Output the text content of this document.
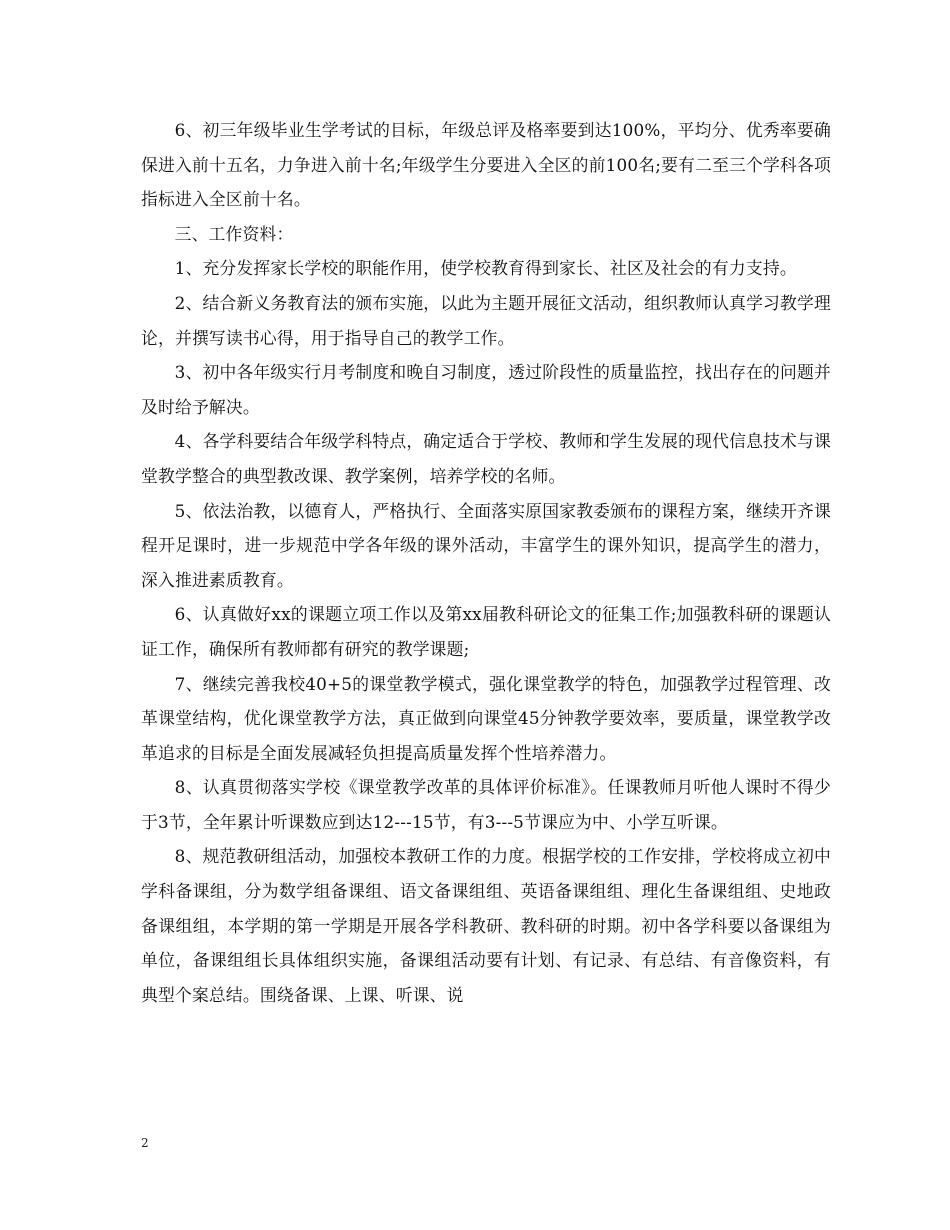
6、初三年级毕业生学考试的目标，年级总评及格率要到达100%，平均分、优秀率要确保进入前十五名，力争进入前十名;年级学生分要进入全区的前100名;要有二至三个学科各项指标进入全区前十名。

三、工作资料：

1、充分发挥家长学校的职能作用，使学校教育得到家长、社区及社会的有力支持。

2、结合新义务教育法的颁布实施，以此为主题开展征文活动，组织教师认真学习教学理论，并撰写读书心得，用于指导自己的教学工作。

3、初中各年级实行月考制度和晚自习制度，透过阶段性的质量监控，找出存在的问题并及时给予解决。

4、各学科要结合年级学科特点，确定适合于学校、教师和学生发展的现代信息技术与课堂教学整合的典型教改课、教学案例，培养学校的名师。

5、依法治教，以德育人，严格执行、全面落实原国家教委颁布的课程方案，继续开齐课程开足课时，进一步规范中学各年级的课外活动，丰富学生的课外知识，提高学生的潜力，深入推进素质教育。

6、认真做好xx的课题立项工作以及第xx届教科研论文的征集工作;加强教科研的课题认证工作，确保所有教师都有研究的教学课题;

7、继续完善我校40+5的课堂教学模式，强化课堂教学的特色，加强教学过程管理、改革课堂结构，优化课堂教学方法，真正做到向课堂45分钟教学要效率，要质量，课堂教学改革追求的目标是全面发展减轻负担提高质量发挥个性培养潜力。

8、认真贯彻落实学校《课堂教学改革的具体评价标准》。任课教师月听他人课时不得少于3节，全年累计听课数应到达12---15节，有3---5节课应为中、小学互听课。

8、规范教研组活动，加强校本教研工作的力度。根据学校的工作安排，学校将成立初中学科备课组，分为数学组备课组、语文备课组组、英语备课组组、理化生备课组组、史地政备课组组，本学期的第一学期是开展各学科教研、教科研的时期。初中各学科要以备课组为单位，备课组组长具体组织实施，备课组活动要有计划、有记录、有总结、有音像资料，有典型个案总结。围绕备课、上课、听课、说

2
